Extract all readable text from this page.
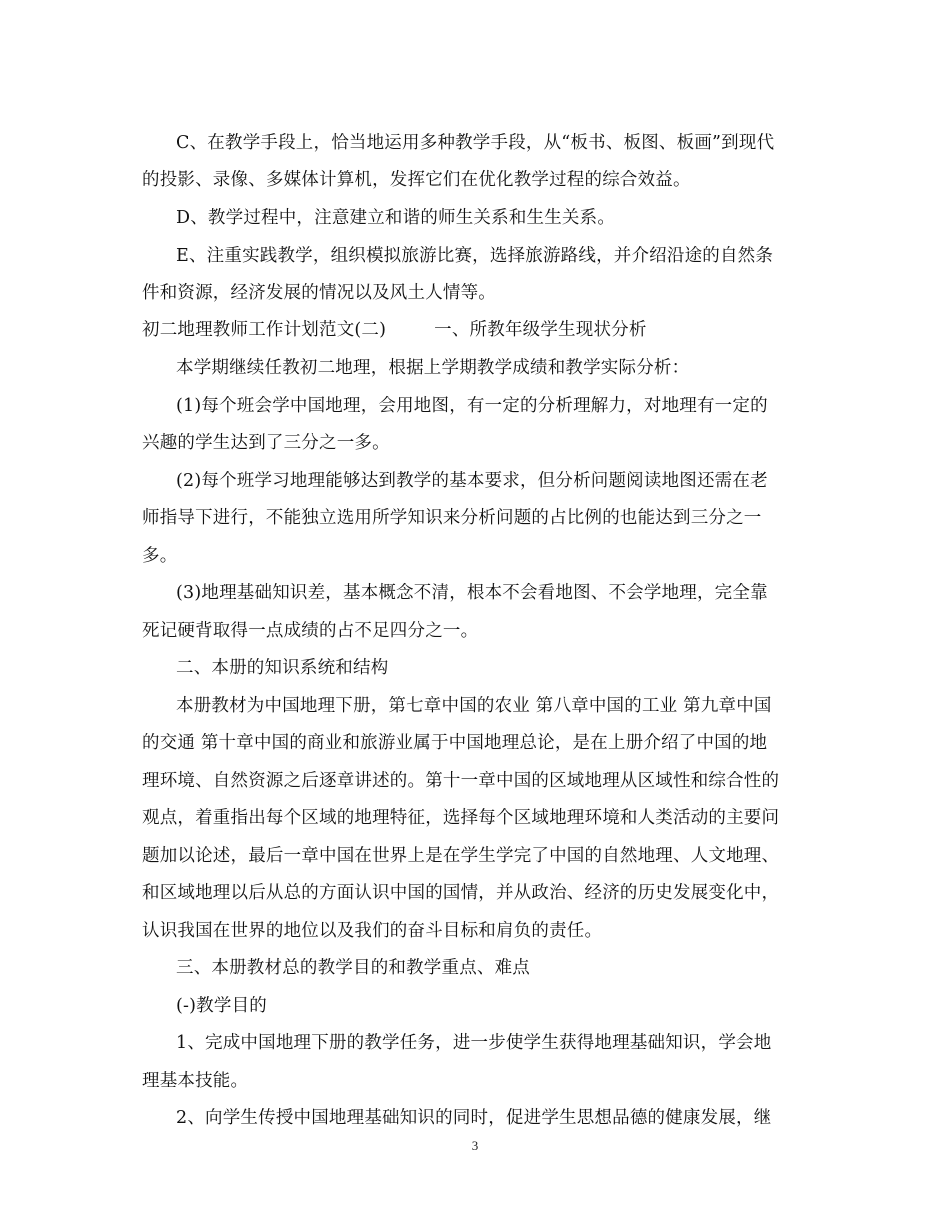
C、在教学手段上，恰当地运用多种教学手段，从“板书、板图、板画”到现代
的投影、录像、多媒体计算机，发挥它们在优化教学过程的综合效益。
D、教学过程中，注意建立和谐的师生关系和生生关系。
E、注重实践教学，组织模拟旅游比赛，选择旅游路线，并介绍沿途的自然条
件和资源，经济发展的情况以及风土人情等。
初二地理教师工作计划范文(二)	一、所教年级学生现状分析
本学期继续任教初二地理，根据上学期教学成绩和教学实际分析：
(1)每个班会学中国地理，会用地图，有一定的分析理解力，对地理有一定的
兴趣的学生达到了三分之一多。
(2)每个班学习地理能够达到教学的基本要求，但分析问题阅读地图还需在老
师指导下进行，不能独立选用所学知识来分析问题的占比例的也能达到三分之一
多。
(3)地理基础知识差，基本概念不清，根本不会看地图、不会学地理，完全靠
死记硬背取得一点成绩的占不足四分之一。
二、本册的知识系统和结构
本册教材为中国地理下册，第七章中国的农业 第八章中国的工业 第九章中国
的交通 第十章中国的商业和旅游业属于中国地理总论，是在上册介绍了中国的地
理环境、自然资源之后逐章讲述的。第十一章中国的区域地理从区域性和综合性的
观点，着重指出每个区域的地理特征，选择每个区域地理环境和人类活动的主要问
题加以论述，最后一章中国在世界上是在学生学完了中国的自然地理、人文地理、
和区域地理以后从总的方面认识中国的国情，并从政治、经济的历史发展变化中，
认识我国在世界的地位以及我们的奋斗目标和肩负的责任。
三、本册教材总的教学目的和教学重点、难点
(-)教学目的
1、完成中国地理下册的教学任务，进一步使学生获得地理基础知识，学会地
理基本技能。
2、向学生传授中国地理基础知识的同时，促进学生思想品德的健康发展，继
3
